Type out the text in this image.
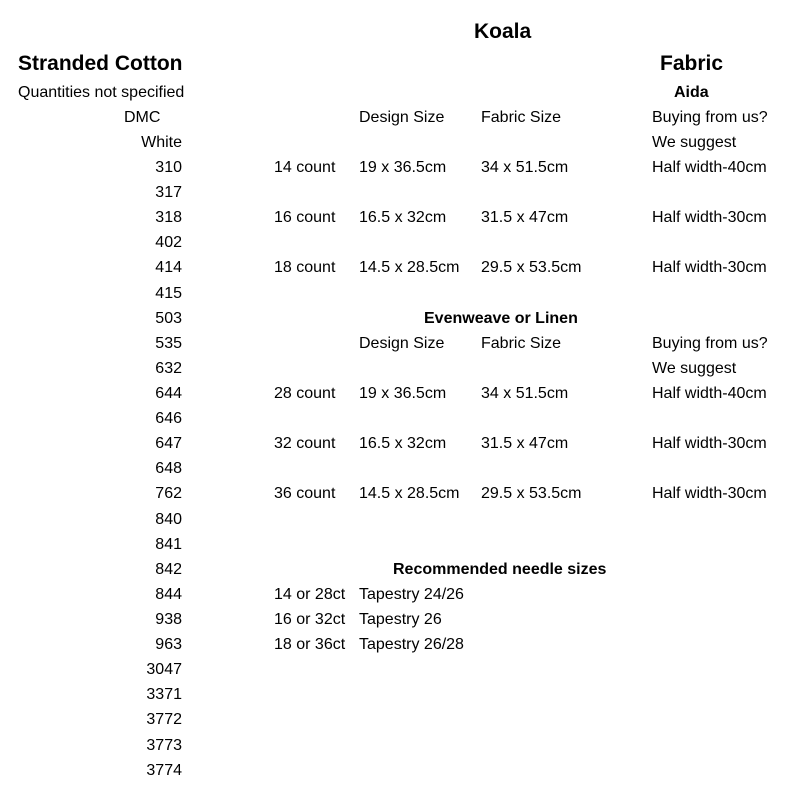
Koala
Stranded Cotton
Quantities not specified
DMC
White
310
317
318
402
414
415
503
535
632
644
646
647
648
762
840
841
842
844
938
963
3047
3371
3772
3773
3774
Fabric
Aida
Design Size Fabric Size	Buying from us?
We suggest
14 count 19 x 36.5cm 34 x 51.5cm	Half width-40cm
16 count 16.5 x 32cm 31.5 x 47cm	Half width-30cm
18 count 14.5 x 28.5cm 29.5 x 53.5cm	Half width-30cm
Evenweave or Linen
Design Size Fabric Size	Buying from us?
We suggest
28 count 19 x 36.5cm 34 x 51.5cm	Half width-40cm
32 count 16.5 x 32cm 31.5 x 47cm	Half width-30cm
36 count 14.5 x 28.5cm 29.5 x 53.5cm	Half width-30cm
Recommended needle sizes
14 or 28ct Tapestry 24/26
16 or 32ct Tapestry 26
18 or 36ct Tapestry 26/28
